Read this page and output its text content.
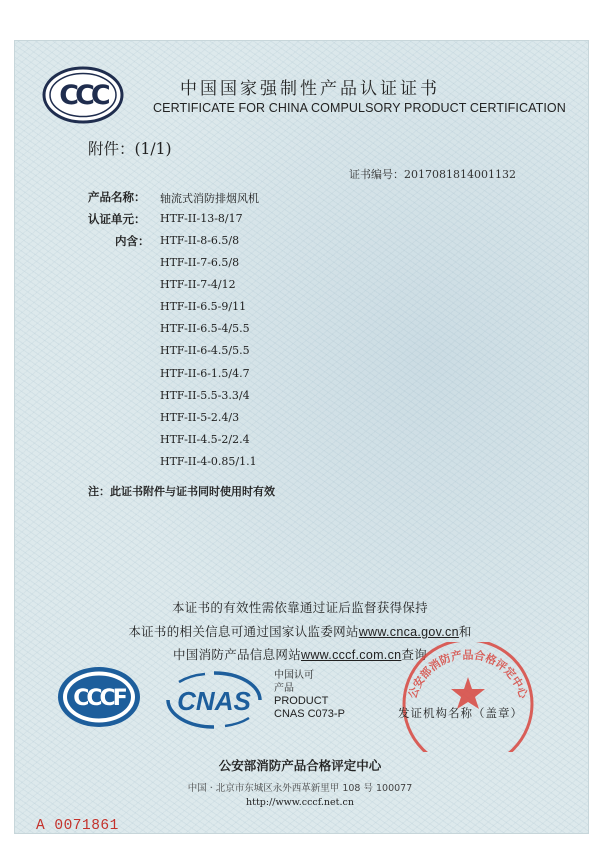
CCC	中国国家强制性产品认证证书
CERTIFICATE FOR CHINA COMPULSORY PRODUCT CERTIFICATION
附件：(1/1)
证书编号：2017081814001132
产品名称： 轴流式消防排烟风机
认证单元： HTF-II-13-8/17
内含： HTF-II-8-6.5/8
HTF-II-7-6.5/8
HTF-II-7-4/12
HTF-II-6.5-9/11
HTF-II-6.5-4/5.5
HTF-II-6-4.5/5.5
HTF-II-6-1.5/4.7
HTF-II-5.5-3.3/4
HTF-II-5-2.4/3
HTF-II-4.5-2/2.4
HTF-II-4-0.85/1.1
注：此证书附件与证书同时使用时有效
本证书的有效性需依靠通过证后监督获得保持
本证书的相关信息可通过国家认监委网站www.cnca.gov.cn和
中国消防产品信息网站www.cccf.com.cn查询
CCCF CNAS
中国认可
产品
PRODUCT
CNAS C073-P
公安部消防产品合格评定中心
发证机构名称（盖章）
公安部消防产品合格评定中心
中国 · 北京市东城区永外西革新里甲 108 号 100077
http://www.cccf.net.cn
A 0071861
